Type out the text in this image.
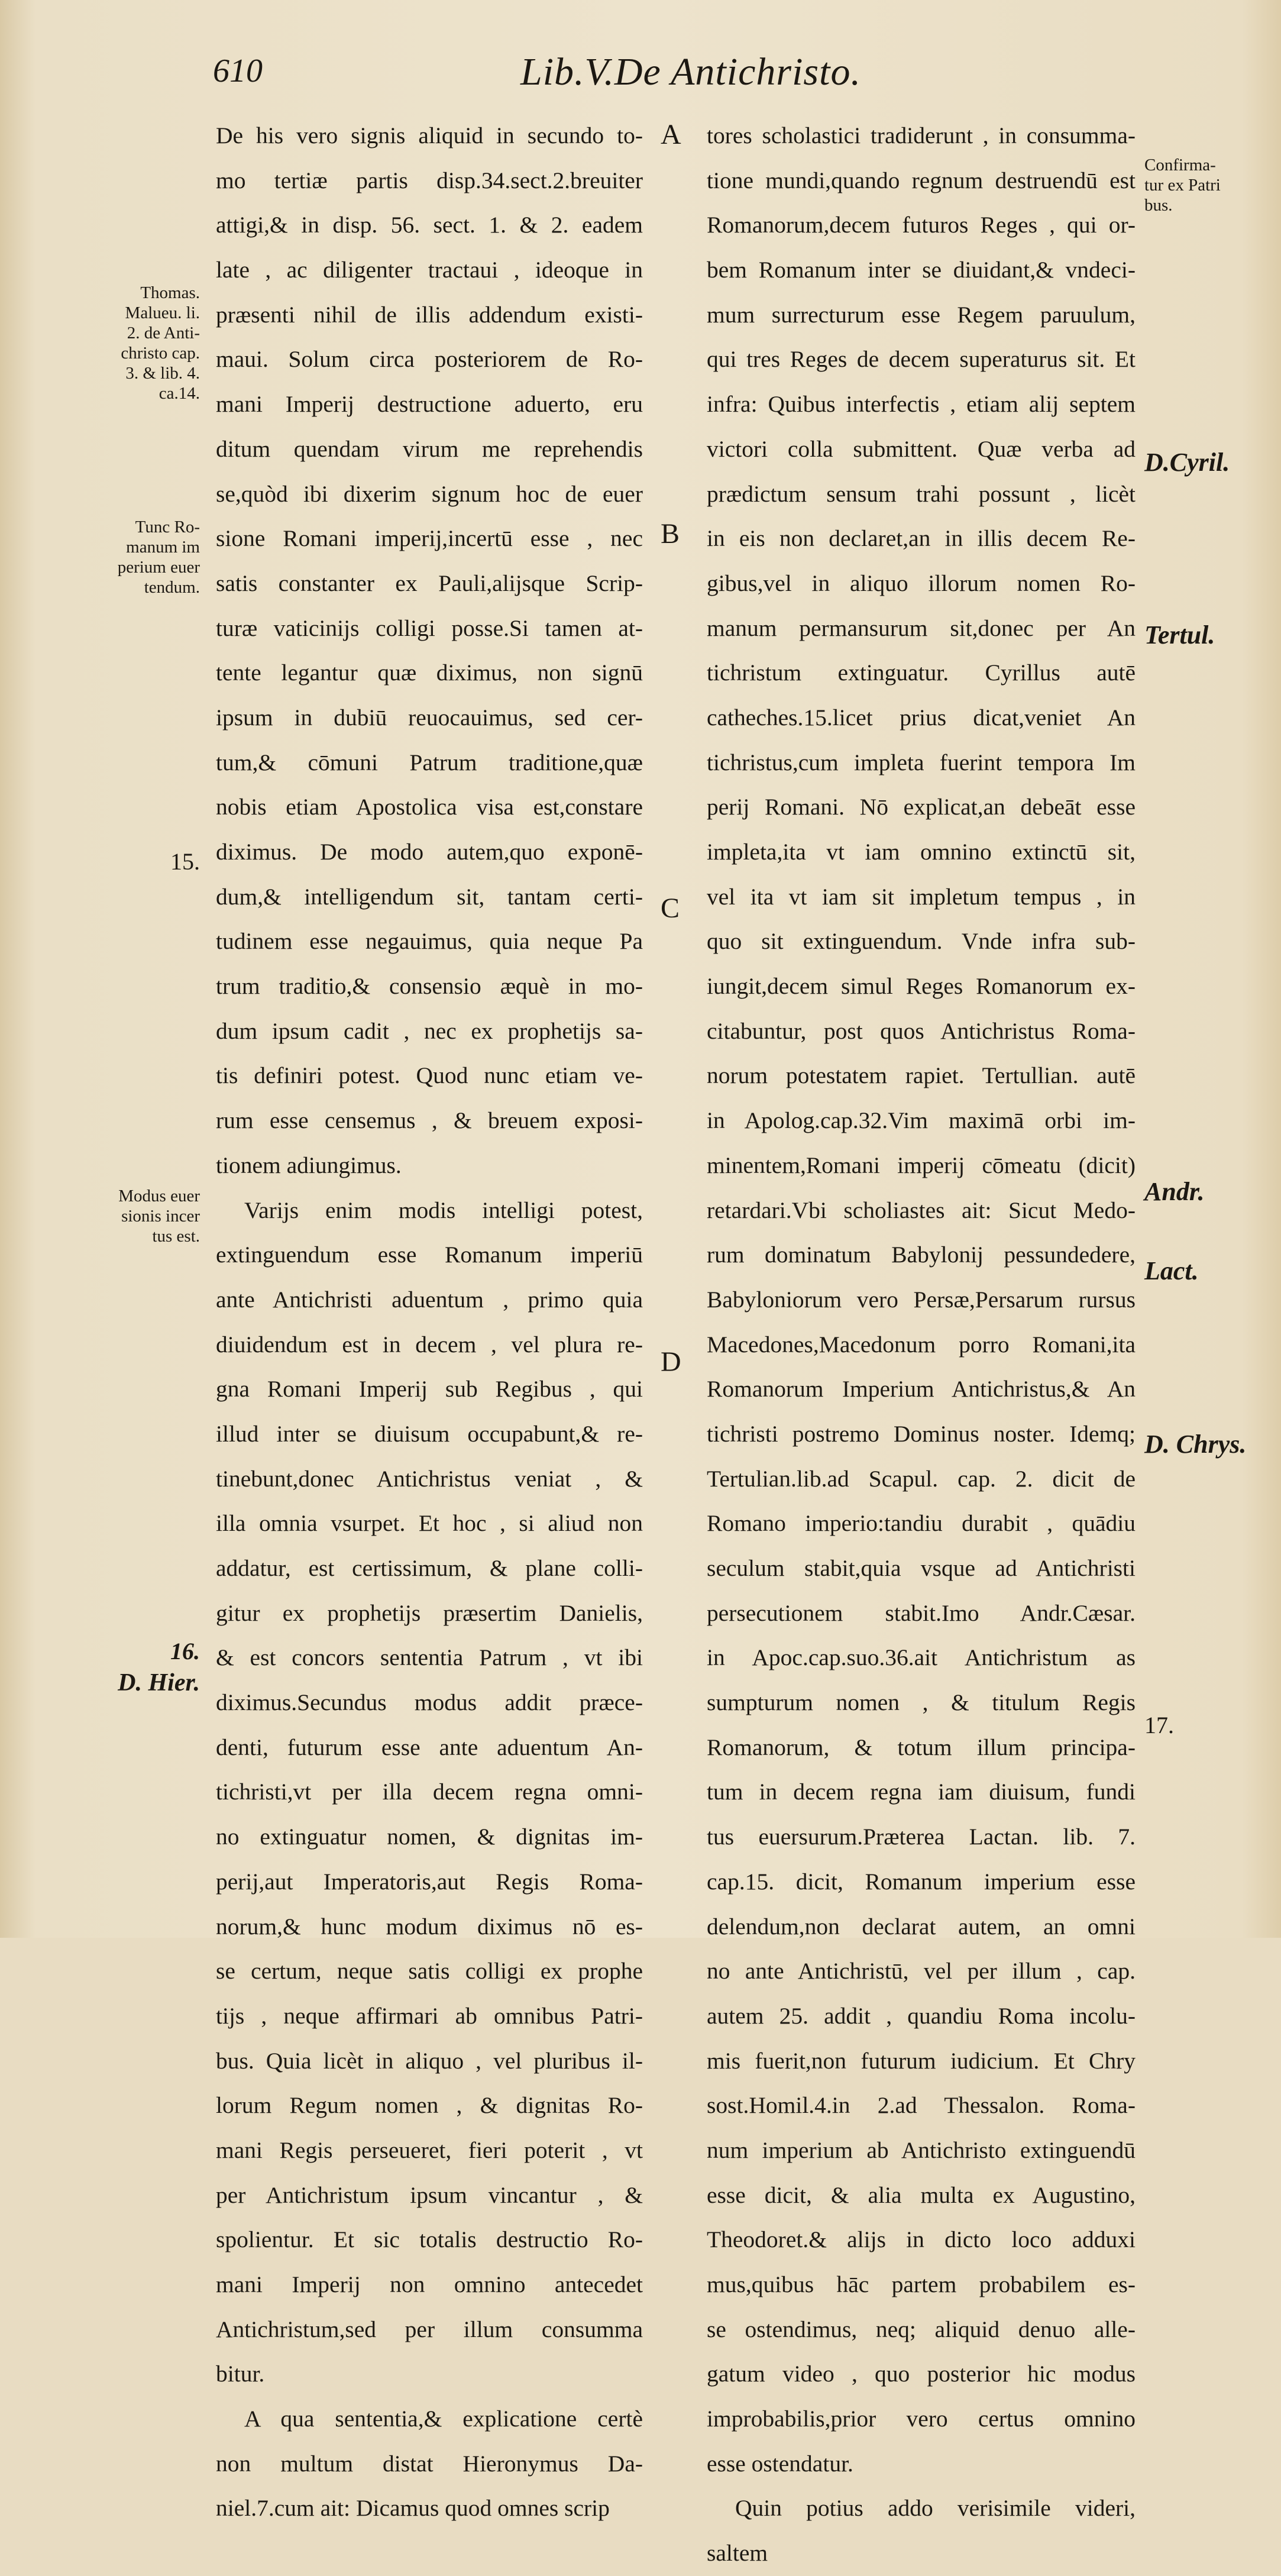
610	Lib.V.De Antichristo.
Thomas.
Malueu. li.
2. de Anti-
christo cap.
3. & lib. 4.
ca.14.
Tunc Ro-
manum im
perium euer
tendum.
15.
Modus euer
sionis incer
tus est.
16.
D. Hier.
A
B
C
D
De his vero signis aliquid in secundo to-
mo tertiæ partis disp.34.sect.2.breuiter
attigi,& in disp. 56. sect. 1. & 2. eadem
late , ac diligenter tractaui , ideoque in
præsenti nihil de illis addendum existi-
maui. Solum circa posteriorem de Ro-
mani Imperij destructione aduerto, eru
ditum quendam virum me reprehendis
se,quòd ibi dixerim signum hoc de euer
sione Romani imperij,incertū esse , nec
satis constanter ex Pauli,alijsque Scrip-
turæ vaticinijs colligi posse.Si tamen at-
tente legantur quæ diximus, non signū
ipsum in dubiū reuocauimus, sed cer-
tum,& cōmuni Patrum traditione,quæ
nobis etiam Apostolica visa est,constare
diximus. De modo autem,quo exponē-
dum,& intelligendum sit, tantam certi-
tudinem esse negauimus, quia neque Pa
trum traditio,& consensio æquè in mo-
dum ipsum cadit , nec ex prophetijs sa-
tis definiri potest. Quod nunc etiam ve-
rum esse censemus , & breuem exposi-
tionem adiungimus.
Varijs enim modis intelligi potest,
extinguendum esse Romanum imperiū
ante Antichristi aduentum , primo quia
diuidendum est in decem , vel plura re-
gna Romani Imperij sub Regibus , qui
illud inter se diuisum occupabunt,& re-
tinebunt,donec Antichristus veniat , &
illa omnia vsurpet. Et hoc , si aliud non
addatur, est certissimum, & plane colli-
gitur ex prophetijs præsertim Danielis,
& est concors sententia Patrum , vt ibi
diximus.Secundus modus addit præce-
denti, futurum esse ante aduentum An-
tichristi,vt per illa decem regna omni-
no extinguatur nomen, & dignitas im-
perij,aut Imperatoris,aut Regis Roma-
norum,& hunc modum diximus nō es-
se certum, neque satis colligi ex prophe
tijs , neque affirmari ab omnibus Patri-
bus. Quia licèt in aliquo , vel pluribus il-
lorum Regum nomen , & dignitas Ro-
mani Regis perseueret, fieri poterit , vt
per Antichristum ipsum vincantur , &
spolientur. Et sic totalis destructio Ro-
mani Imperij non omnino antecedet
Antichristum,sed per illum consumma
bitur.
A qua sententia,& explicatione certè
non multum distat Hieronymus Da-
niel.7.cum ait: Dicamus quod omnes scrip
tores scholastici tradiderunt , in consumma-
tione mundi,quando regnum destruendū est
Romanorum,decem futuros Reges , qui or-
bem Romanum inter se diuidant,& vndeci-
mum surrecturum esse Regem paruulum,
qui tres Reges de decem superaturus sit. Et
infra: Quibus interfectis , etiam alij septem
victori colla submittent. Quæ verba ad
prædictum sensum trahi possunt , licèt
in eis non declaret,an in illis decem Re-
gibus,vel in aliquo illorum nomen Ro-
manum permansurum sit,donec per An
tichristum extinguatur. Cyrillus autē
catheches.15.licet prius dicat,veniet An
tichristus,cum impleta fuerint tempora Im
perij Romani. Nō explicat,an debeāt esse
impleta,ita vt iam omnino extinctū sit,
vel ita vt iam sit impletum tempus , in
quo sit extinguendum. Vnde infra sub-
iungit,decem simul Reges Romanorum ex-
citabuntur, post quos Antichristus Roma-
norum potestatem rapiet. Tertullian. autē
in Apolog.cap.32.Vim maximā orbi im-
minentem,Romani imperij cōmeatu (dicit)
retardari.Vbi scholiastes ait: Sicut Medo-
rum dominatum Babylonij pessundedere,
Babyloniorum vero Persæ,Persarum rursus
Macedones,Macedonum porro Romani,ita
Romanorum Imperium Antichristus,& An
tichristi postremo Dominus noster. Idemq;
Tertulian.lib.ad Scapul. cap. 2. dicit de
Romano imperio:tandiu durabit , quādiu
seculum stabit,quia vsque ad Antichristi
persecutionem stabit.Imo Andr.Cæsar.
in Apoc.cap.suo.36.ait Antichristum as
sumpturum nomen , & titulum Regis
Romanorum, & totum illum principa-
tum in decem regna iam diuisum, fundi
tus euersurum.Præterea Lactan. lib. 7.
cap.15. dicit, Romanum imperium esse
delendum,non declarat autem, an omni
no ante Antichristū, vel per illum , cap.
autem 25. addit , quandiu Roma incolu-
mis fuerit,non futurum iudicium. Et Chry
sost.Homil.4.in 2.ad Thessalon. Roma-
num imperium ab Antichristo extinguendū
esse dicit, & alia multa ex Augustino,
Theodoret.& alijs in dicto loco adduxi
mus,quibus hāc partem probabilem es-
se ostendimus, neq; aliquid denuo alle-
gatum video , quo posterior hic modus
improbabilis,prior vero certus omnino
esse ostendatur.
Quin potius addo verisimile videri,
saltem
Confirma-
tur ex Patri
bus.
D.Cyril.
Tertul.
Andr.
Lact.
D. Chrys.
17.
